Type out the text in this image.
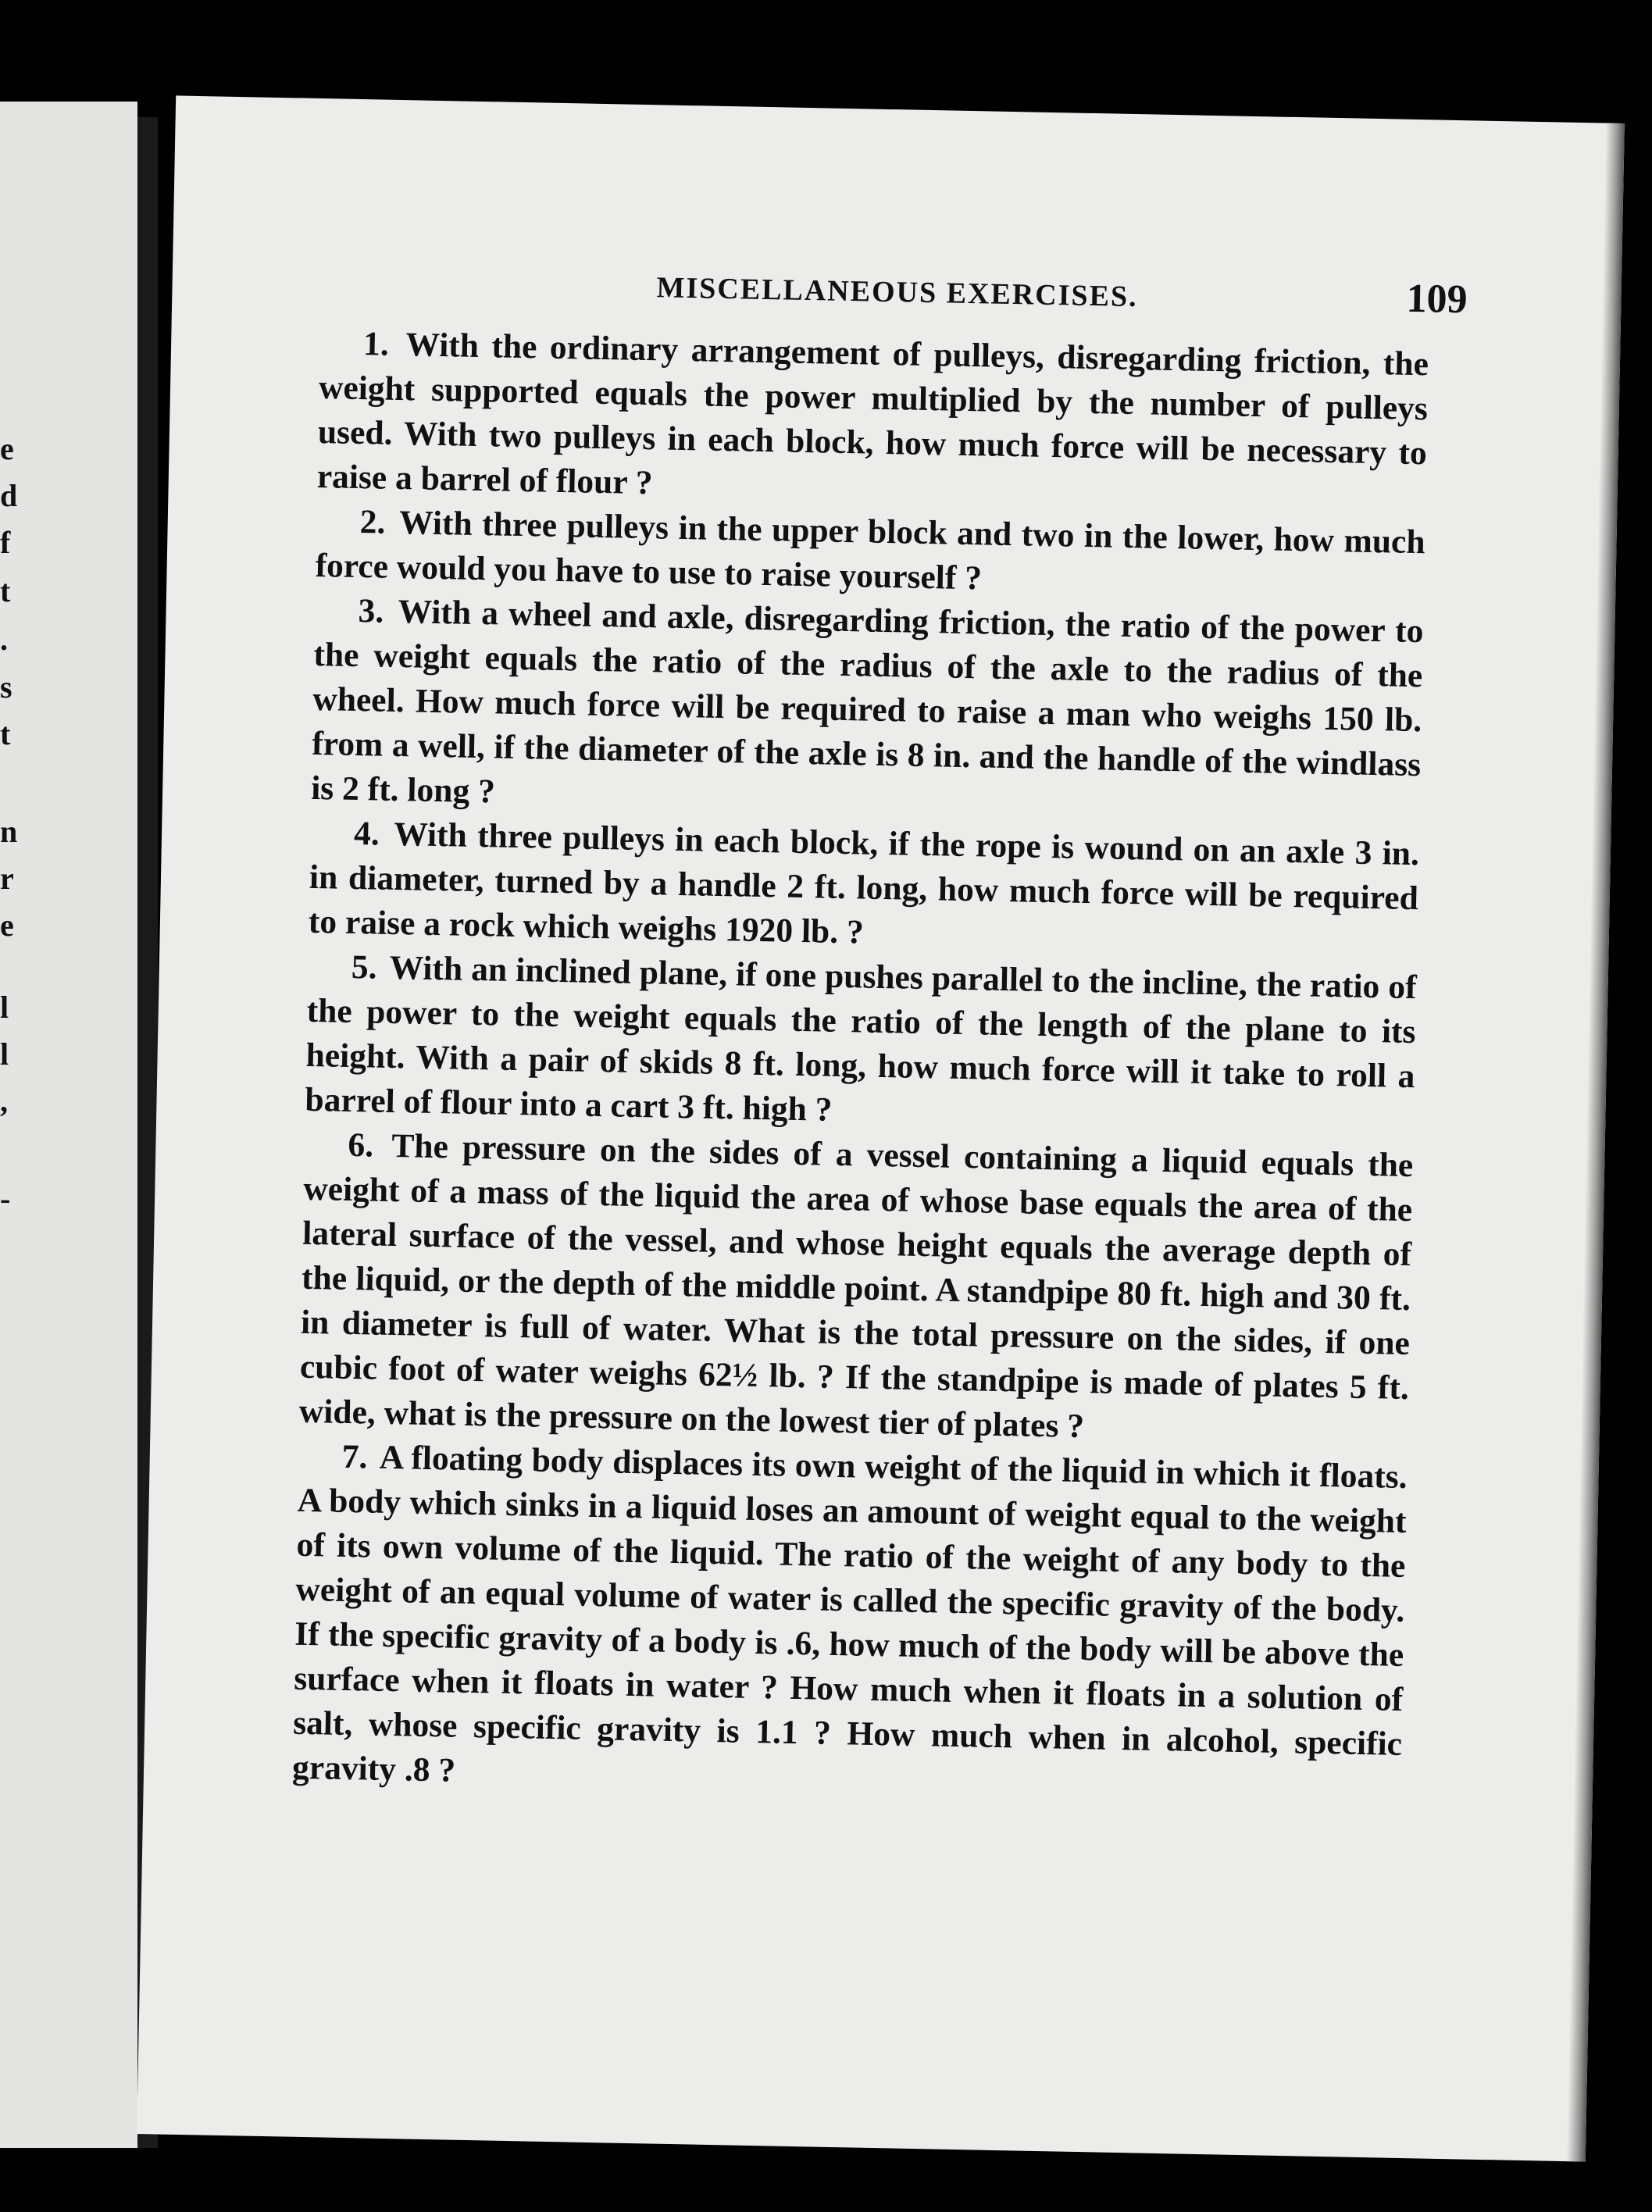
e
d
f
t
.
s
t
n
r
e
l
l
,
-
MISCELLANEOUS EXERCISES.	109

1. With the ordinary arrangement of pulleys, disregarding friction, the weight supported equals the power multiplied by the number of pulleys used. With two pulleys in each block, how much force will be necessary to raise a barrel of flour ?

2. With three pulleys in the upper block and two in the lower, how much force would you have to use to raise yourself ?

3. With a wheel and axle, disregarding friction, the ratio of the power to the weight equals the ratio of the radius of the axle to the radius of the wheel. How much force will be required to raise a man who weighs 150 lb. from a well, if the diameter of the axle is 8 in. and the handle of the windlass is 2 ft. long ?

4. With three pulleys in each block, if the rope is wound on an axle 3 in. in diameter, turned by a handle 2 ft. long, how much force will be required to raise a rock which weighs 1920 lb. ?

5. With an inclined plane, if one pushes parallel to the incline, the ratio of the power to the weight equals the ratio of the length of the plane to its height. With a pair of skids 8 ft. long, how much force will it take to roll a barrel of flour into a cart 3 ft. high ?

6. The pressure on the sides of a vessel containing a liquid equals the weight of a mass of the liquid the area of whose base equals the area of the lateral surface of the vessel, and whose height equals the average depth of the liquid, or the depth of the middle point. A standpipe 80 ft. high and 30 ft. in diameter is full of water. What is the total pressure on the sides, if one cubic foot of water weighs 62½ lb. ? If the standpipe is made of plates 5 ft. wide, what is the pressure on the lowest tier of plates ?

7. A floating body displaces its own weight of the liquid in which it floats. A body which sinks in a liquid loses an amount of weight equal to the weight of its own volume of the liquid. The ratio of the weight of any body to the weight of an equal volume of water is called the specific gravity of the body. If the specific gravity of a body is .6, how much of the body will be above the surface when it floats in water ? How much when it floats in a solution of salt, whose specific gravity is 1.1 ? How much when in alcohol, specific gravity .8 ?
